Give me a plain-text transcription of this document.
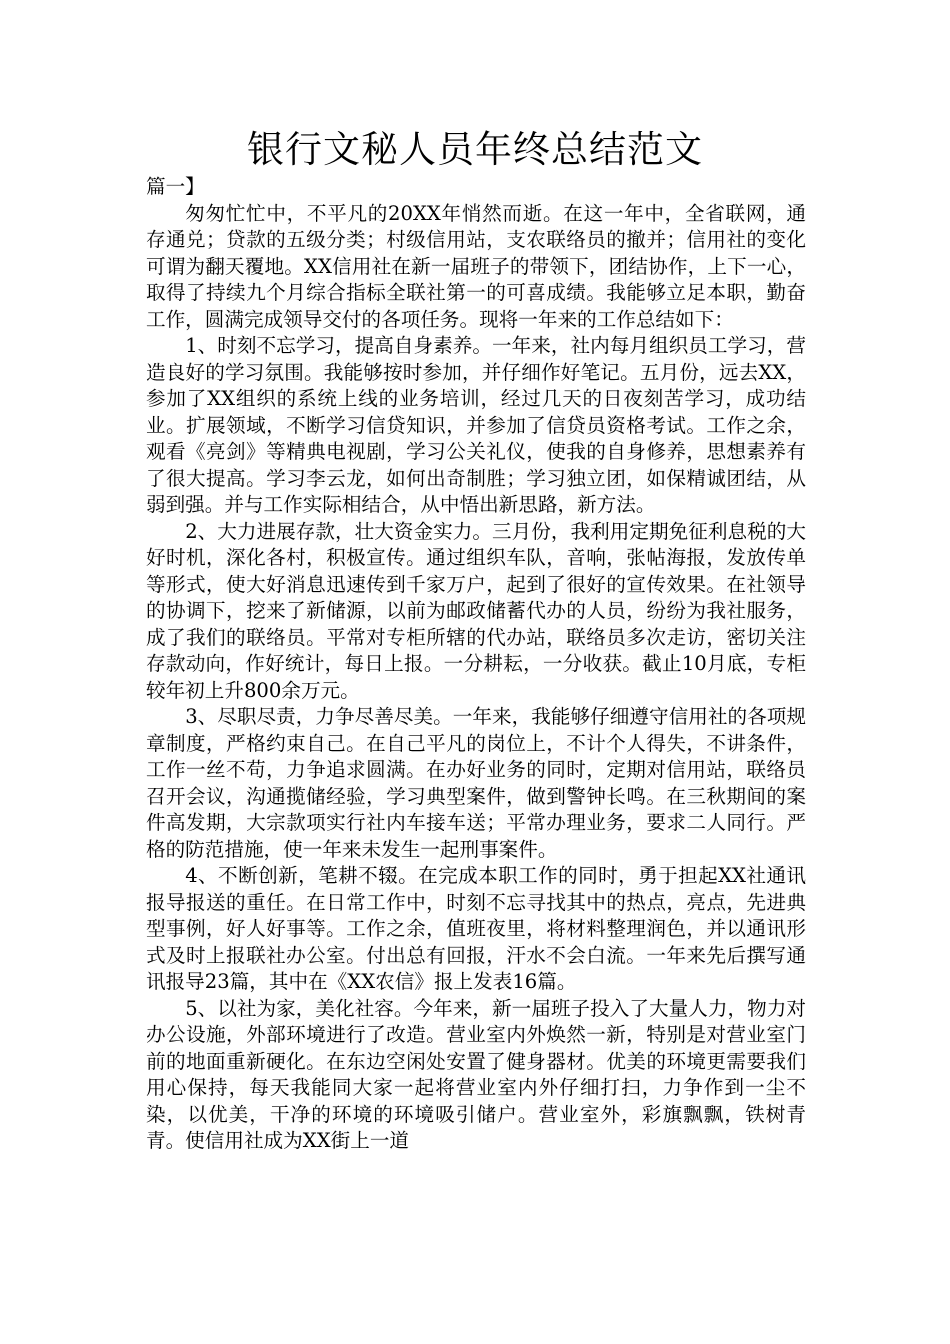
银行文秘人员年终总结范文

篇一】

匆匆忙忙中，不平凡的20XX年悄然而逝。在这一年中，全省联网，通存通兑；贷款的五级分类；村级信用站，支农联络员的撤并；信用社的变化可谓为翻天覆地。XX信用社在新一届班子的带领下，团结协作，上下一心，取得了持续九个月综合指标全联社第一的可喜成绩。我能够立足本职，勤奋工作，圆满完成领导交付的各项任务。现将一年来的工作总结如下：

1、时刻不忘学习，提高自身素养。一年来，社内每月组织员工学习，营造良好的学习氛围。我能够按时参加，并仔细作好笔记。五月份，远去XX，参加了XX组织的系统上线的业务培训，经过几天的日夜刻苦学习，成功结业。扩展领域，不断学习信贷知识，并参加了信贷员资格考试。工作之余，观看《亮剑》等精典电视剧，学习公关礼仪，使我的自身修养，思想素养有了很大提高。学习李云龙，如何出奇制胜；学习独立团，如保精诚团结，从弱到强。并与工作实际相结合，从中悟出新思路，新方法。

2、大力进展存款，壮大资金实力。三月份，我利用定期免征利息税的大好时机，深化各村，积极宣传。通过组织车队，音响，张帖海报，发放传单等形式，使大好消息迅速传到千家万户，起到了很好的宣传效果。在社领导的协调下，挖来了新储源，以前为邮政储蓄代办的人员，纷纷为我社服务，成了我们的联络员。平常对专柜所辖的代办站，联络员多次走访，密切关注存款动向，作好统计，每日上报。一分耕耘，一分收获。截止10月底，专柜较年初上升800余万元。

3、尽职尽责，力争尽善尽美。一年来，我能够仔细遵守信用社的各项规章制度，严格约束自己。在自己平凡的岗位上，不计个人得失，不讲条件，工作一丝不苟，力争追求圆满。在办好业务的同时，定期对信用站，联络员召开会议，沟通揽储经验，学习典型案件，做到警钟长鸣。在三秋期间的案件高发期，大宗款项实行社内车接车送；平常办理业务，要求二人同行。严格的防范措施，使一年来未发生一起刑事案件。

4、不断创新，笔耕不辍。在完成本职工作的同时，勇于担起XX社通讯报导报送的重任。在日常工作中，时刻不忘寻找其中的热点，亮点，先进典型事例，好人好事等。工作之余，值班夜里，将材料整理润色，并以通讯形式及时上报联社办公室。付出总有回报，汗水不会白流。一年来先后撰写通讯报导23篇，其中在《XX农信》报上发表16篇。

5、以社为家，美化社容。今年来，新一届班子投入了大量人力，物力对办公设施，外部环境进行了改造。营业室内外焕然一新，特别是对营业室门前的地面重新硬化。在东边空闲处安置了健身器材。优美的环境更需要我们用心保持，每天我能同大家一起将营业室内外仔细打扫，力争作到一尘不染，以优美，干净的环境的环境吸引储户。营业室外，彩旗飘飘，铁树青青。使信用社成为XX街上一道
